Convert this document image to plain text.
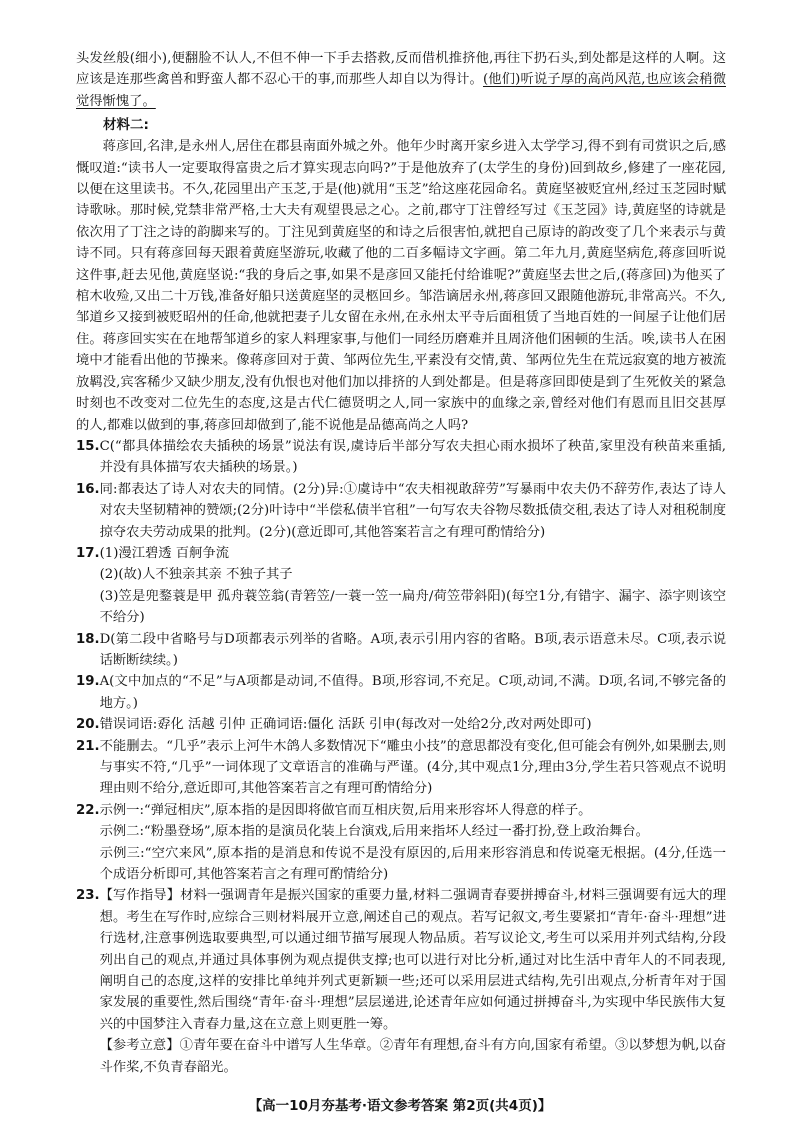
头发丝般(细小),便翻脸不认人,不但不伸一下手去搭救,反而借机推挤他,再往下扔石头,到处都是这样的人啊。这应该是连那些禽兽和野蛮人都不忍心干的事,而那些人却自以为得计。(他们)听说子厚的高尚风范,也应该会稍微觉得惭愧了。

材料二:

蒋彦回,名津,是永州人,居住在郡县南面外城之外。他年少时离开家乡进入太学学习,得不到有司赏识之后,感慨叹道:“读书人一定要取得富贵之后才算实现志向吗?”于是他放弃了(太学生的身份)回到故乡,修建了一座花园,以便在这里读书。不久,花园里出产玉芝,于是(他)就用“玉芝”给这座花园命名。黄庭坚被贬宜州,经过玉芝园时赋诗歌咏。那时候,党禁非常严格,士大夫有观望畏忌之心。之前,郡守丁注曾经写过《玉芝园》诗,黄庭坚的诗就是依次用了丁注之诗的韵脚来写的。丁注见到黄庭坚的和诗之后很害怕,就把自己原诗的韵改变了几个来表示与黄诗不同。只有蒋彦回每天跟着黄庭坚游玩,收藏了他的二百多幅诗文字画。第二年九月,黄庭坚病危,蒋彦回听说这件事,赶去见他,黄庭坚说:“我的身后之事,如果不是彦回又能托付给谁呢?”黄庭坚去世之后,(蒋彦回)为他买了棺木收殓,又出二十万钱,准备好船只送黄庭坚的灵柩回乡。邹浩谪居永州,蒋彦回又跟随他游玩,非常高兴。不久,邹道乡又接到被贬昭州的任命,他就把妻子儿女留在永州,在永州太平寺后面租赁了当地百姓的一间屋子让他们居住。蒋彦回实实在在地帮邹道乡的家人料理家事,与他们一同经历磨难并且周济他们困顿的生活。唉,读书人在困境中才能看出他的节操来。像蒋彦回对于黄、邹两位先生,平素没有交情,黄、邹两位先生在荒远寂寞的地方被流放羁没,宾客稀少又缺少朋友,没有仇恨也对他们加以排挤的人到处都是。但是蒋彦回即使是到了生死攸关的紧急时刻也不改变对二位先生的态度,这是古代仁德贤明之人,同一家族中的血缘之亲,曾经对他们有恩而且旧交甚厚的人,都难以做到的事,蒋彦回却做到了,能不说他是品德高尚之人吗?

15. C(“都具体描绘农夫插秧的场景”说法有误,虞诗后半部分写农夫担心雨水损坏了秧苗,家里没有秧苗来重插,并没有具体描写农夫插秧的场景。)
16. 同:都表达了诗人对农夫的同情。(2分)异:①虞诗中“农夫相视敢辞劳”写暴雨中农夫仍不辞劳作,表达了诗人对农夫坚韧精神的赞颂;(2分)叶诗中“半偿私债半官租”一句写农夫谷物尽数抵债交租,表达了诗人对租税制度掠夺农夫劳动成果的批判。(2分)(意近即可,其他答案若言之有理可酌情给分)
17. (1)漫江碧透 百舸争流
(2)(故)人不独亲其亲 不独子其子
(3)笠是兜鍪蓑是甲 孤舟蓑笠翁(青箬笠/一蓑一笠一扁舟/荷笠带斜阳)(每空1分,有错字、漏字、添字则该空不给分)
18. D(第二段中省略号与D项都表示列举的省略。A项,表示引用内容的省略。B项,表示语意未尽。C项,表示说话断断续续。)
19. A(文中加点的“不足”与A项都是动词,不值得。B项,形容词,不充足。C项,动词,不满。D项,名词,不够完备的地方。)
20. 错误词语:孬化 活越 引仲 正确词语:僵化 活跃 引申(每改对一处给2分,改对两处即可)
21. 不能删去。“几乎”表示上河牛木鸽人多数情况下“雕虫小技”的意思都没有变化,但可能会有例外,如果删去,则与事实不符,“几乎”一词体现了文章语言的准确与严谨。(4分,其中观点1分,理由3分,学生若只答观点不说明理由则不给分,意近即可,其他答案若言之有理可酌情给分)
22. 示例一:“弹冠相庆”,原本指的是因即将做官而互相庆贺,后用来形容坏人得意的样子。
示例二:“粉墨登场”,原本指的是演员化装上台演戏,后用来指坏人经过一番打扮,登上政治舞台。
示例三:“空穴来风”,原本指的是消息和传说不是没有原因的,后用来形容消息和传说毫无根据。(4分,任选一个成语分析即可,其他答案若言之有理可酌情给分)
23. 【写作指导】材料一强调青年是振兴国家的重要力量,材料二强调青春要拼搏奋斗,材料三强调要有远大的理想。考生在写作时,应综合三则材料展开立意,阐述自己的观点。若写记叙文,考生要紧扣“青年·奋斗·理想”进行选材,注意事例选取要典型,可以通过细节描写展现人物品质。若写议论文,考生可以采用并列式结构,分段列出自己的观点,并通过具体事例为观点提供支撑;也可以进行对比分析,通过对比生活中青年人的不同表现,阐明自己的态度,这样的安排比单纯并列式更新颖一些;还可以采用层进式结构,先引出观点,分析青年对于国家发展的重要性,然后围绕“青年·奋斗·理想”层层递进,论述青年应如何通过拼搏奋斗,为实现中华民族伟大复兴的中国梦注入青春力量,这在立意上则更胜一筹。
【参考立意】①青年要在奋斗中谱写人生华章。②青年有理想,奋斗有方向,国家有希望。③以梦想为帆,以奋斗作桨,不负青春韶光。
【高一10月夯基考·语文参考答案 第2页(共4页)】
